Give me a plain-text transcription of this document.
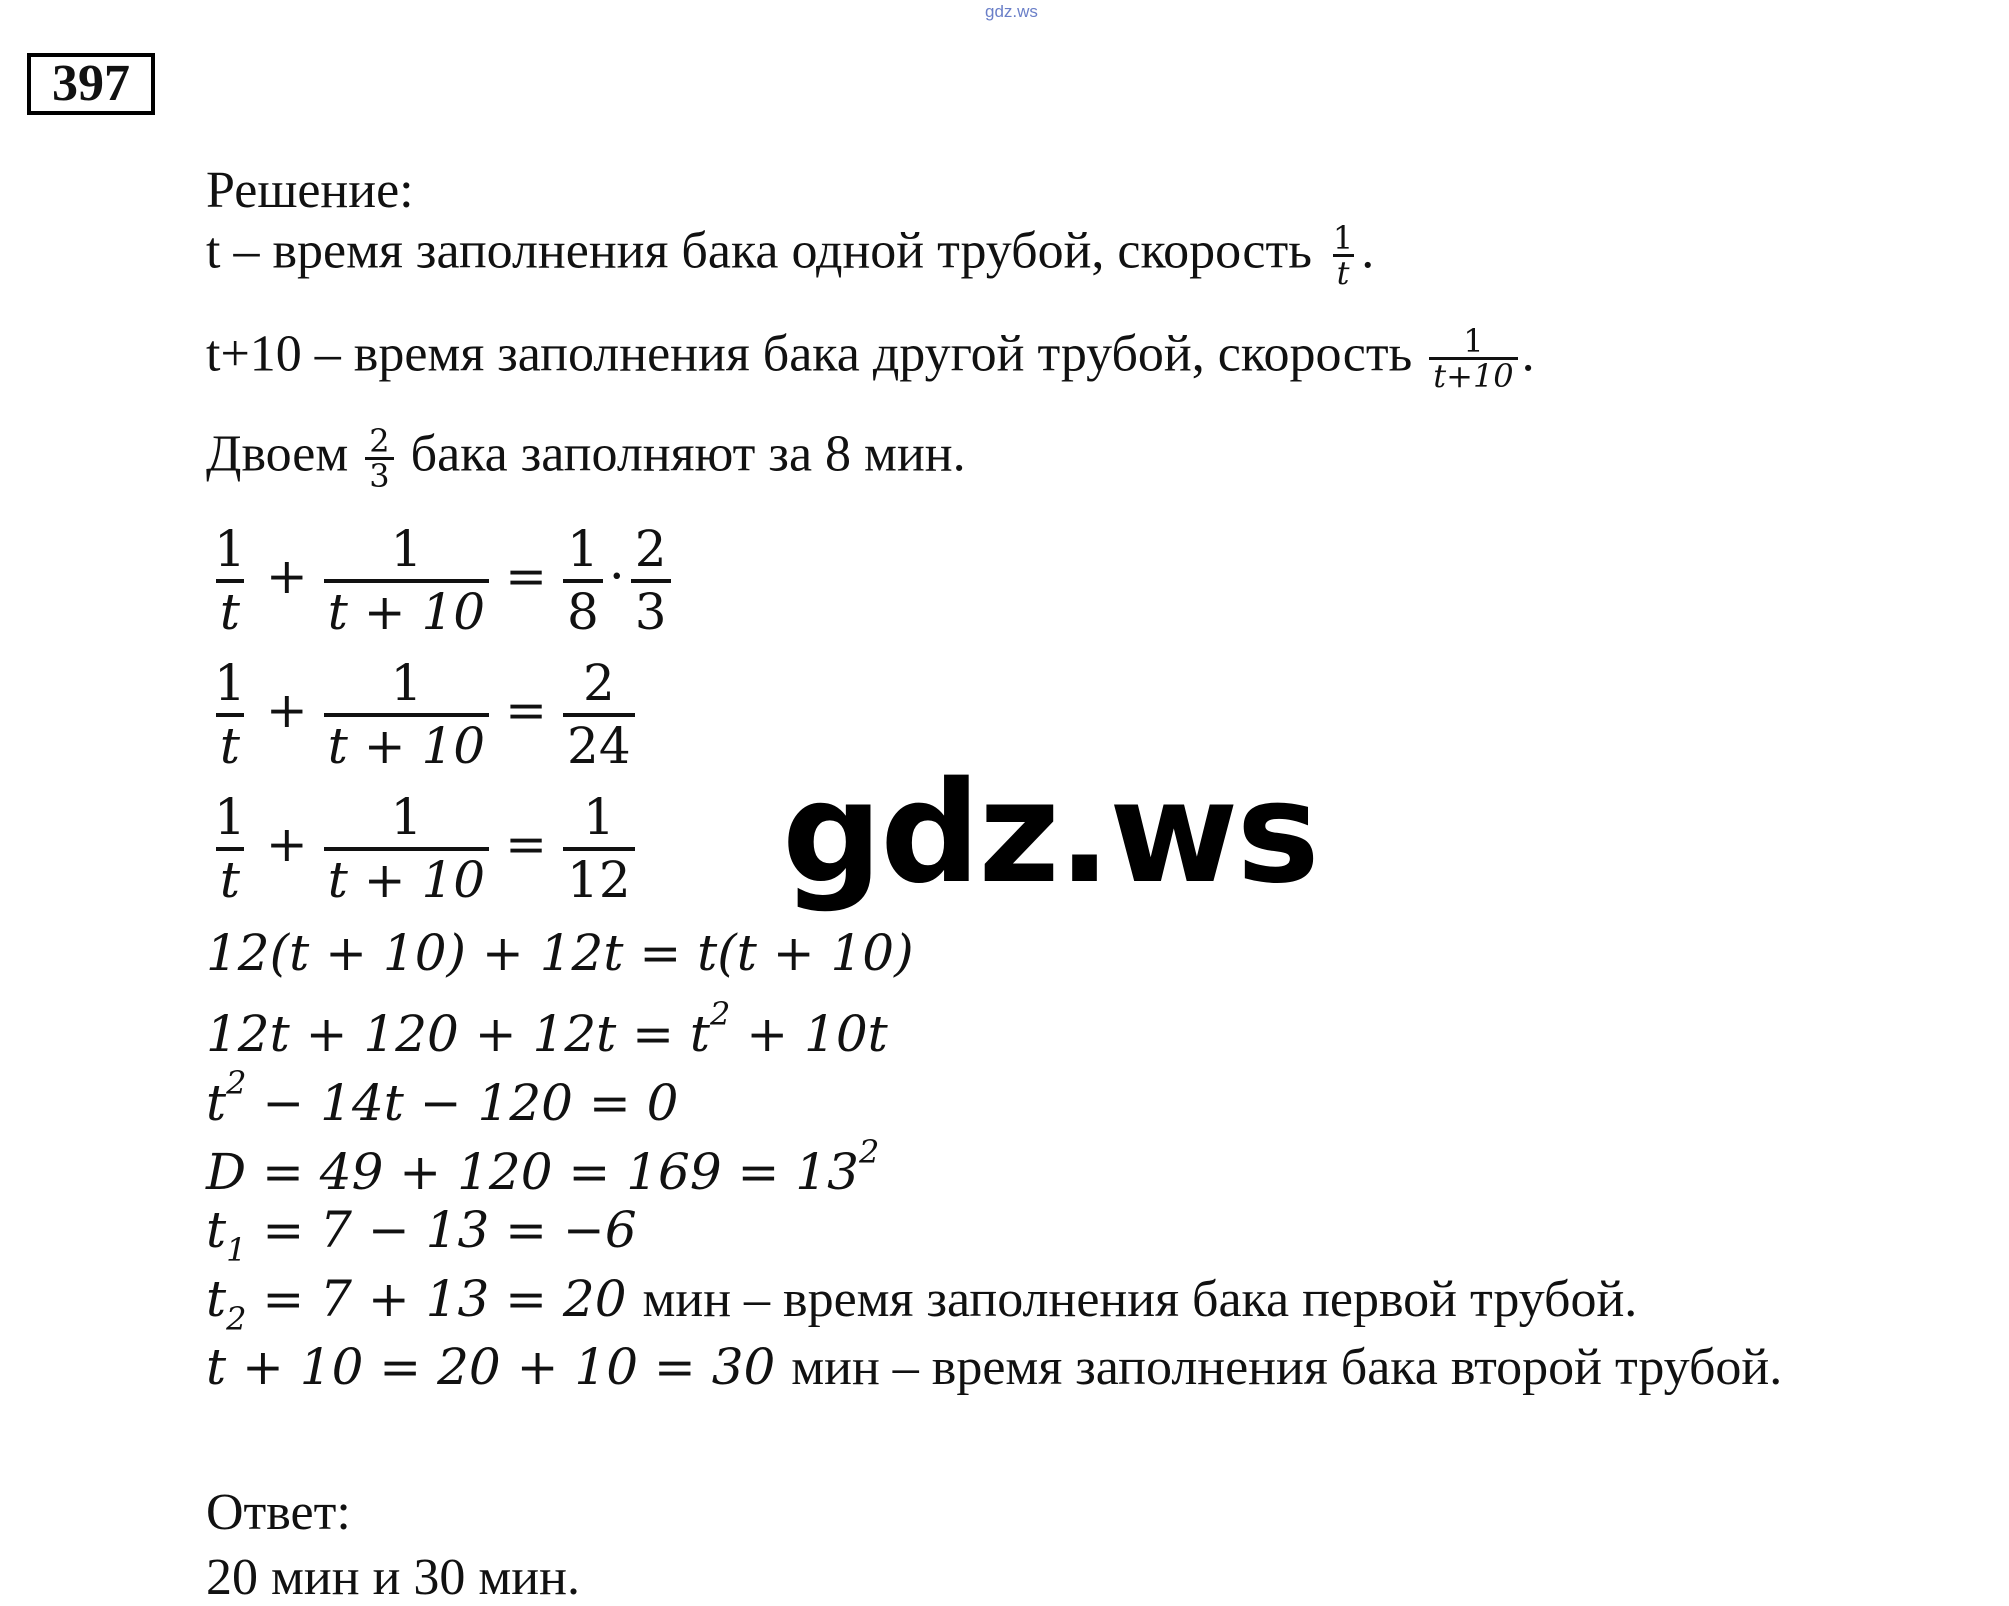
gdz.ws
397
Решение:
t – время заполнения бака одной трубой, скорость $\frac{1}{t}$ .
t+10 – время заполнения бака другой трубой, скорость $\frac{1}{t+10}$ .
Двоем $\frac{2}{3}$ бака заполняют за 8 мин.
$\frac{1}{t} + \frac{1}{t + 10} = \frac{1}{8} \cdot \frac{2}{3}$
$\frac{1}{t} + \frac{1}{t + 10} = \frac{2}{24}$
$\frac{1}{t} + \frac{1}{t + 10} = \frac{1}{12} gdz.ws$
12(t + 10) + 12t = t(t + 10)
$12t + 120 + 12t = t^2 + 10t$
$t^2 - 14t - 120 = 0$
$D = 49 + 120 = 169 = 13^2$
$t_1 = 7 - 13 = -6$
$t_2 = 7 + 13 = 20$ мин – время заполнения бака первой трубой.
t + 10 = 20 + 10 = 30 мин – время заполнения бака второй трубой.
Ответ:
20 мин и 30 мин.
